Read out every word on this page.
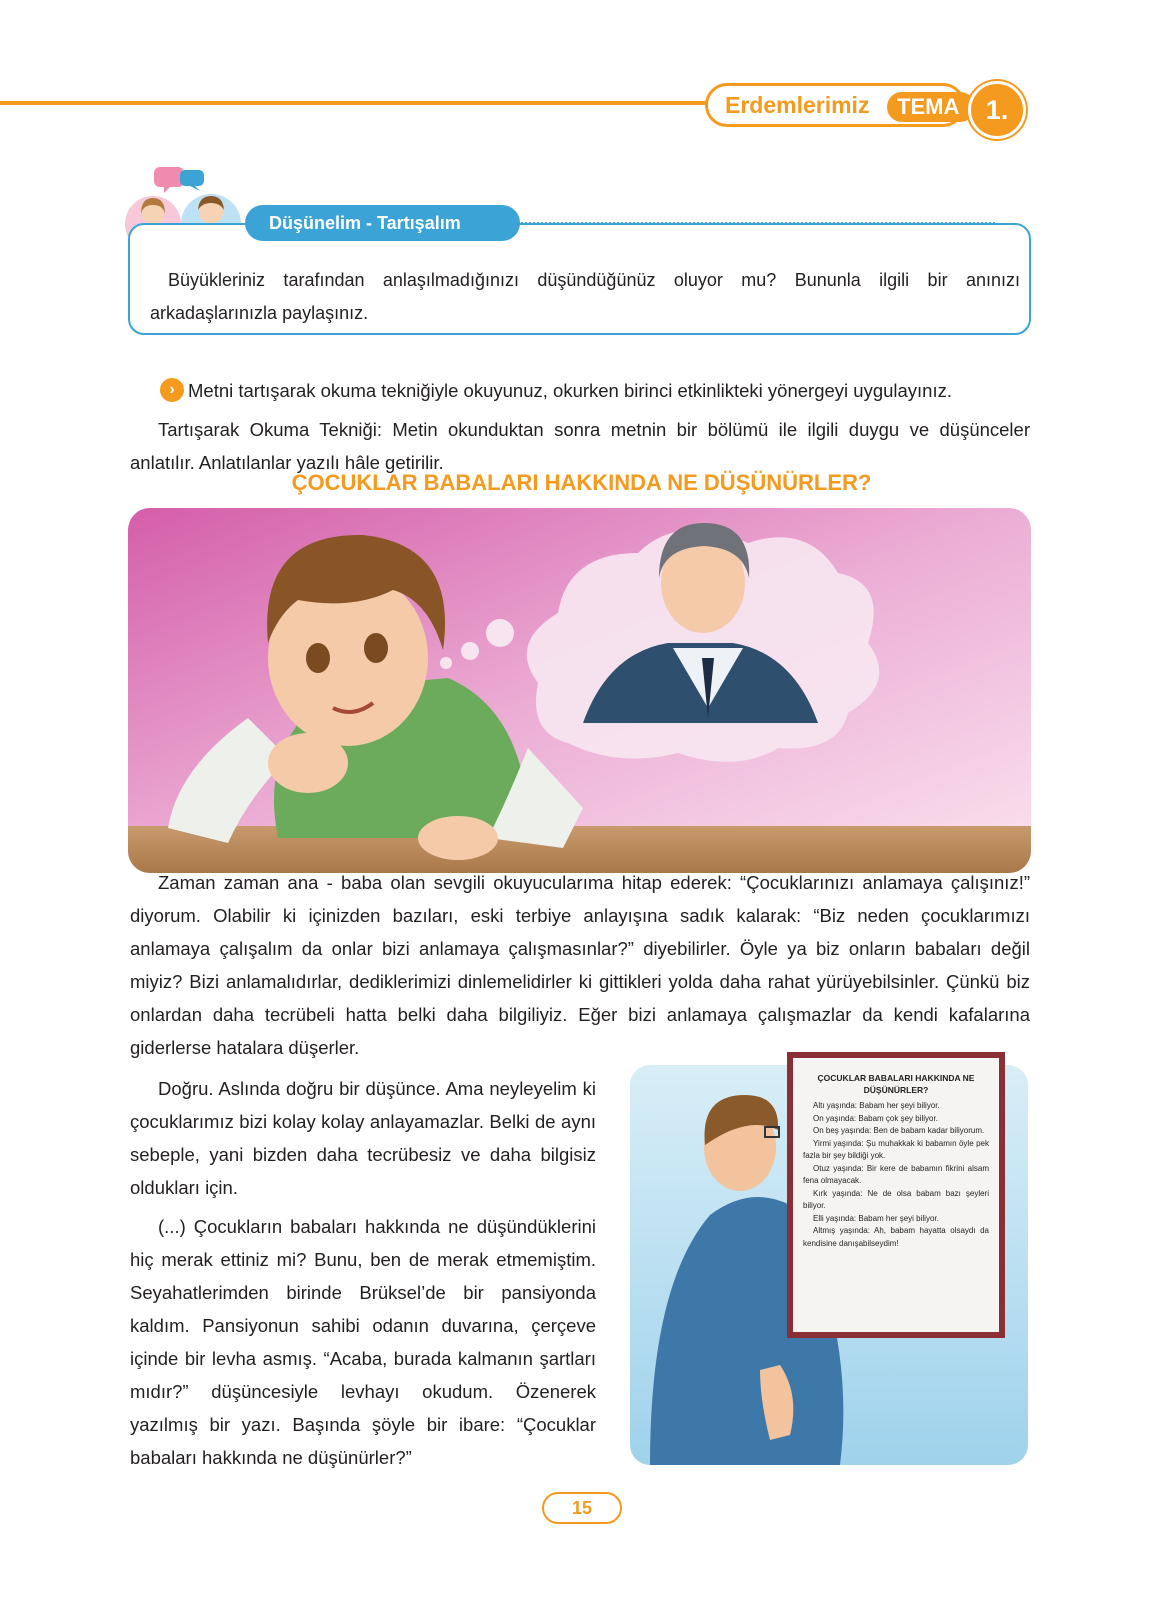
Erdemlerimiz	TEMA 1.
Düşünelim - Tartışalım
Büyükleriniz tarafından anlaşılmadığınızı düşündüğünüz oluyor mu? Bununla ilgili bir anınızı arkadaşlarınızla paylaşınız.
› Metni tartışarak okuma tekniğiyle okuyunuz, okurken birinci etkinlikteki yönergeyi uygulayınız.
Tartışarak Okuma Tekniği: Metin okunduktan sonra metnin bir bölümü ile ilgili duygu ve düşünceler anlatılır. Anlatılanlar yazılı hâle getirilir.
ÇOCUKLAR BABALARI HAKKINDA NE DÜŞÜNÜRLER?
Zaman zaman ana - baba olan sevgili okuyucularıma hitap ederek: “Çocuklarınızı anlamaya çalışınız!” diyorum. Olabilir ki içinizden bazıları, eski terbiye anlayışına sadık kalarak: “Biz neden çocuklarımızı anlamaya çalışalım da onlar bizi anlamaya çalışmasınlar?” diyebilirler. Öyle ya biz onların babaları değil miyiz? Bizi anlamalıdırlar, dediklerimizi dinlemelidirler ki gittikleri yolda daha rahat yürüyebilsinler. Çünkü biz onlardan daha tecrübeli hatta belki daha bilgiliyiz. Eğer bizi anlamaya çalışmazlar da kendi kafalarına giderlerse hatalara düşerler.
Doğru. Aslında doğru bir düşünce. Ama neyleyelim ki çocuklarımız bizi kolay kolay anlayamazlar. Belki de aynı sebeple, yani bizden daha tecrübesiz ve daha bilgisiz oldukları için.
(...) Çocukların babaları hakkında ne düşündüklerini hiç merak ettiniz mi? Bunu, ben de merak etmemiştim. Seyahatlerimden birinde Brüksel’de bir pansiyonda kaldım. Pansiyonun sahibi odanın duvarına, çerçeve içinde bir levha asmış. “Acaba, burada kalmanın şartları mıdır?” düşüncesiyle levhayı okudum. Özenerek yazılmış bir yazı. Başında şöyle bir ibare: “Çocuklar babaları hakkında ne düşünürler?”
ÇOCUKLAR BABALARI HAKKINDA NE DÜŞÜNÜRLER?
Altı yaşında: Babam her şeyi biliyor.
On yaşında: Babam çok şey biliyor.
On beş yaşında: Ben de babam kadar biliyorum.
Yirmi yaşında: Şu muhakkak ki babamın öyle pek fazla bir şey bildiği yok.
Otuz yaşında: Bir kere de babamın fikrini alsam fena olmayacak.
Kırk yaşında: Ne de olsa babam bazı şeyleri biliyor.
Elli yaşında: Babam her şeyi biliyor.
Altmış yaşında: Ah, babam hayatta olsaydı da kendisine danışabilseydim!
15
